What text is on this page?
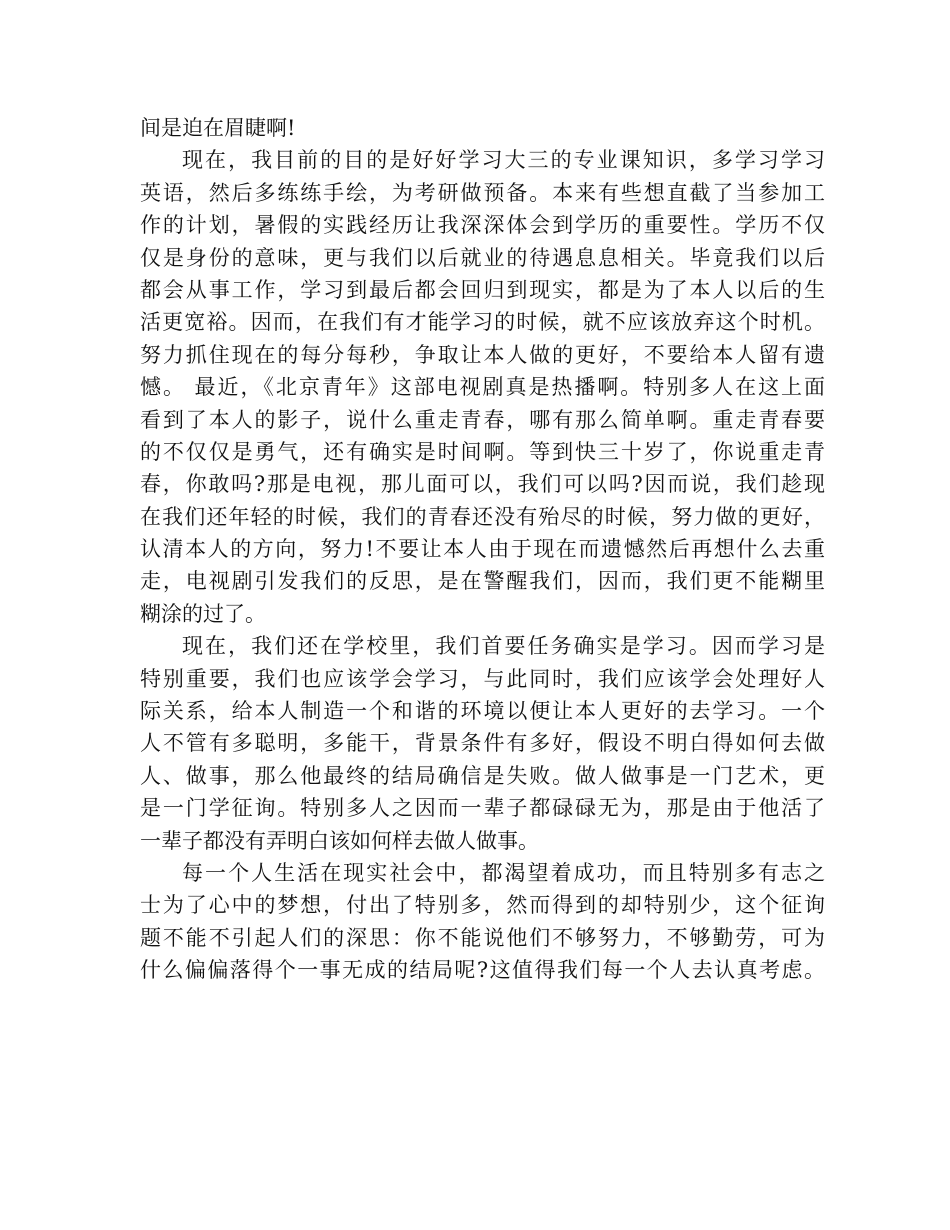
间是迫在眉睫啊!
现在，我目前的目的是好好学习大三的专业课知识，多学习学习
英语，然后多练练手绘，为考研做预备。本来有些想直截了当参加工
作的计划，暑假的实践经历让我深深体会到学历的重要性。学历不仅
仅是身份的意味，更与我们以后就业的待遇息息相关。毕竟我们以后
都会从事工作，学习到最后都会回归到现实，都是为了本人以后的生
活更宽裕。因而，在我们有才能学习的时候，就不应该放弃这个时机。
努力抓住现在的每分每秒，争取让本人做的更好，不要给本人留有遗
憾。 最近，《北京青年》这部电视剧真是热播啊。特别多人在这上面
看到了本人的影子，说什么重走青春，哪有那么简单啊。重走青春要
的不仅仅是勇气，还有确实是时间啊。等到快三十岁了，你说重走青
春，你敢吗?那是电视，那儿面可以，我们可以吗?因而说，我们趁现
在我们还年轻的时候，我们的青春还没有殆尽的时候，努力做的更好，
认清本人的方向，努力!不要让本人由于现在而遗憾然后再想什么去重
走，电视剧引发我们的反思，是在警醒我们，因而，我们更不能糊里
糊涂的过了。
现在，我们还在学校里，我们首要任务确实是学习。因而学习是
特别重要，我们也应该学会学习，与此同时，我们应该学会处理好人
际关系，给本人制造一个和谐的环境以便让本人更好的去学习。一个
人不管有多聪明，多能干，背景条件有多好，假设不明白得如何去做
人、做事，那么他最终的结局确信是失败。做人做事是一门艺术，更
是一门学征询。特别多人之因而一辈子都碌碌无为，那是由于他活了
一辈子都没有弄明白该如何样去做人做事。
每一个人生活在现实社会中，都渴望着成功，而且特别多有志之
士为了心中的梦想，付出了特别多，然而得到的却特别少，这个征询
题不能不引起人们的深思：你不能说他们不够努力，不够勤劳，可为
什么偏偏落得个一事无成的结局呢?这值得我们每一个人去认真考虑。
